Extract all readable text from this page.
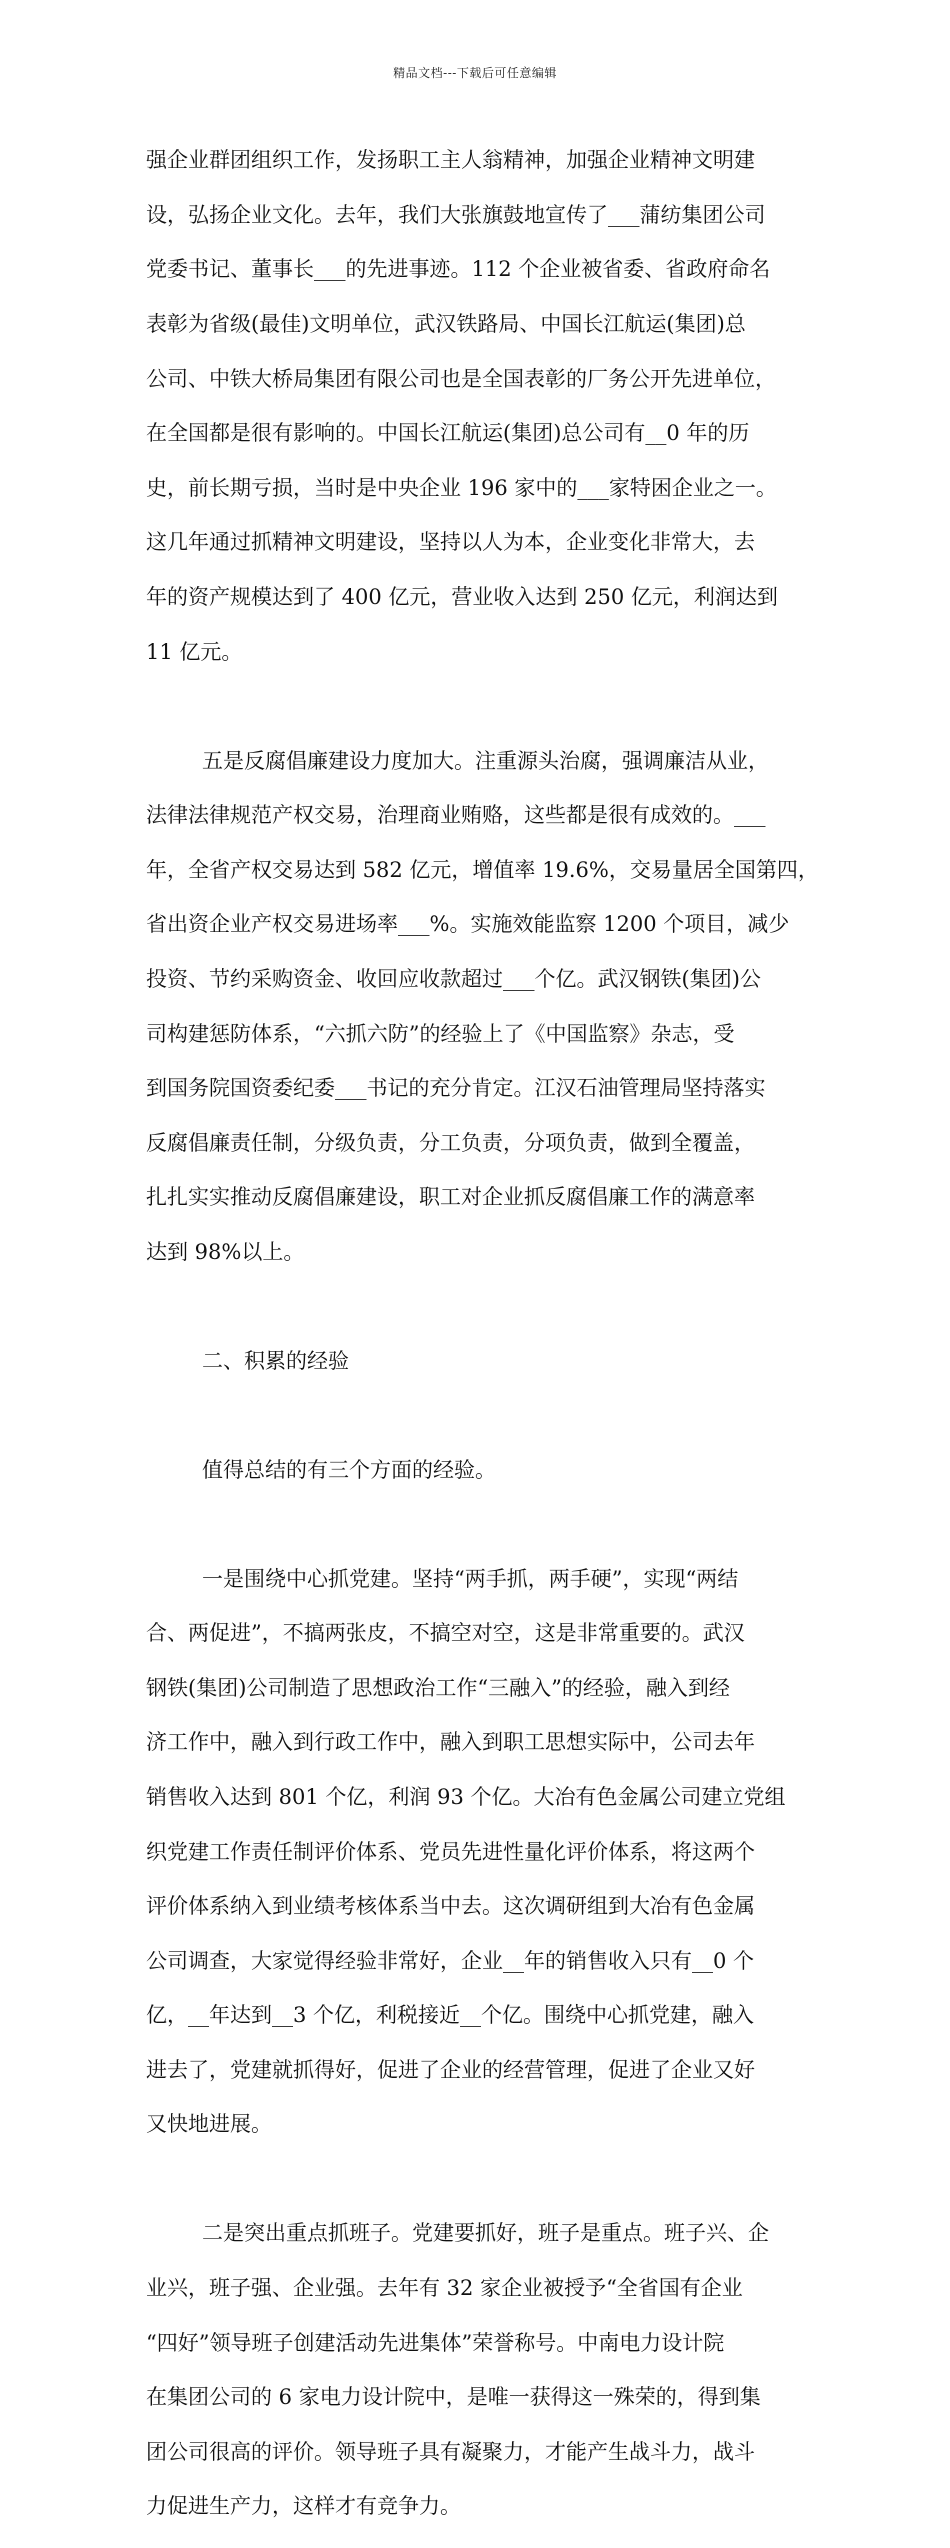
精品文档---下载后可任意编辑

强企业群团组织工作，发扬职工主人翁精神，加强企业精神文明建

设，弘扬企业文化。去年，我们大张旗鼓地宣传了___蒲纺集团公司

党委书记、董事长___的先进事迹。112 个企业被省委、省政府命名

表彰为省级(最佳)文明单位，武汉铁路局、中国长江航运(集团)总

公司、中铁大桥局集团有限公司也是全国表彰的厂务公开先进单位，

在全国都是很有影响的。中国长江航运(集团)总公司有__0 年的历

史，前长期亏损，当时是中央企业 196 家中的___家特困企业之一。

这几年通过抓精神文明建设，坚持以人为本，企业变化非常大，去

年的资产规模达到了 400 亿元，营业收入达到 250 亿元，利润达到

11 亿元。

五是反腐倡廉建设力度加大。注重源头治腐，强调廉洁从业，

法律法律规范产权交易，治理商业贿赂，这些都是很有成效的。___

年，全省产权交易达到 582 亿元，增值率 19.6%，交易量居全国第四，

省出资企业产权交易进场率___%。实施效能监察 1200 个项目，减少

投资、节约采购资金、收回应收款超过___个亿。武汉钢铁(集团)公

司构建惩防体系，“六抓六防”的经验上了《中国监察》杂志，受

到国务院国资委纪委___书记的充分肯定。江汉石油管理局坚持落实

反腐倡廉责任制，分级负责，分工负责，分项负责，做到全覆盖，

扎扎实实推动反腐倡廉建设，职工对企业抓反腐倡廉工作的满意率

达到 98%以上。

二、积累的经验

值得总结的有三个方面的经验。

一是围绕中心抓党建。坚持“两手抓，两手硬”，实现“两结

合、两促进”，不搞两张皮，不搞空对空，这是非常重要的。武汉

钢铁(集团)公司制造了思想政治工作“三融入”的经验，融入到经

济工作中，融入到行政工作中，融入到职工思想实际中，公司去年

销售收入达到 801 个亿，利润 93 个亿。大冶有色金属公司建立党组

织党建工作责任制评价体系、党员先进性量化评价体系，将这两个

评价体系纳入到业绩考核体系当中去。这次调研组到大冶有色金属

公司调查，大家觉得经验非常好，企业__年的销售收入只有__0 个

亿，__年达到__3 个亿，利税接近__个亿。围绕中心抓党建，融入

进去了，党建就抓得好，促进了企业的经营管理，促进了企业又好

又快地进展。

二是突出重点抓班子。党建要抓好，班子是重点。班子兴、企

业兴，班子强、企业强。去年有 32 家企业被授予“全省国有企业

“四好”领导班子创建活动先进集体”荣誉称号。中南电力设计院

在集团公司的 6 家电力设计院中，是唯一获得这一殊荣的，得到集

团公司很高的评价。领导班子具有凝聚力，才能产生战斗力，战斗

力促进生产力，这样才有竞争力。
